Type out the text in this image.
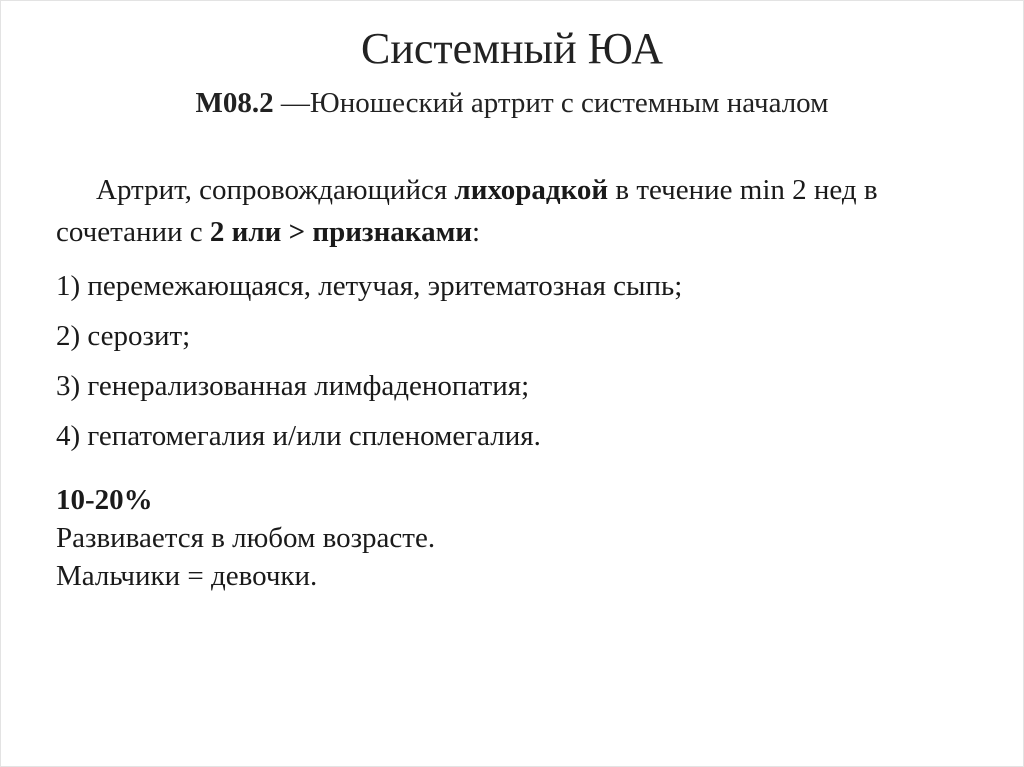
Системный ЮА
М08.2 —Юношеский артрит с системным началом
Артрит, сопровождающийся лихорадкой в течение min 2 нед в сочетании с 2 или > признаками:
1) перемежающаяся, летучая, эритематозная сыпь;
2) серозит;
3) генерализованная лимфаденопатия;
4) гепатомегалия и/или спленомегалия.
10-20%
Развивается в любом возрасте.
Мальчики = девочки.
